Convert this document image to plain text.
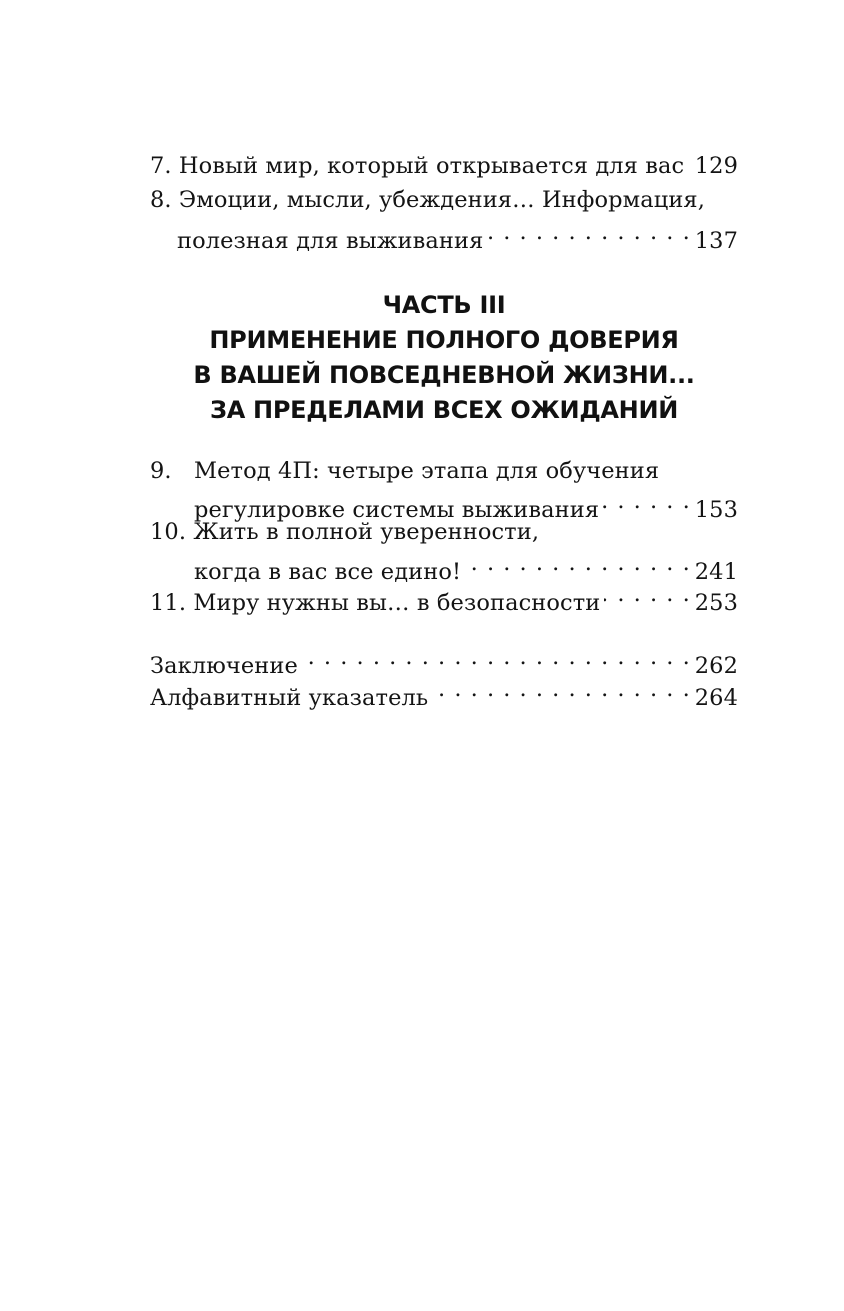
7. Новый мир, который открывается для вас 129
8. Эмоции, мысли, убеждения… Информация,
полезная для выживания . . .	137
ЧАСТЬ III
ПРИМЕНЕНИЕ ПОЛНОГО ДОВЕРИЯ
В ВАШЕЙ ПОВСЕДНЕВНОЙ ЖИЗНИ...
ЗА ПРЕДЕЛАМИ ВСЕХ ОЖИДАНИЙ
9. Метод 4П: четыре этапа для обучения
регулировке системы выживания . . .	153
10. Жить в полной уверенности,
когда в вас все едино! . . .	241
11. Миру нужны вы… в безопасности . . .	253
Заключение . . .	262
Алфавитный указатель . . .	264
